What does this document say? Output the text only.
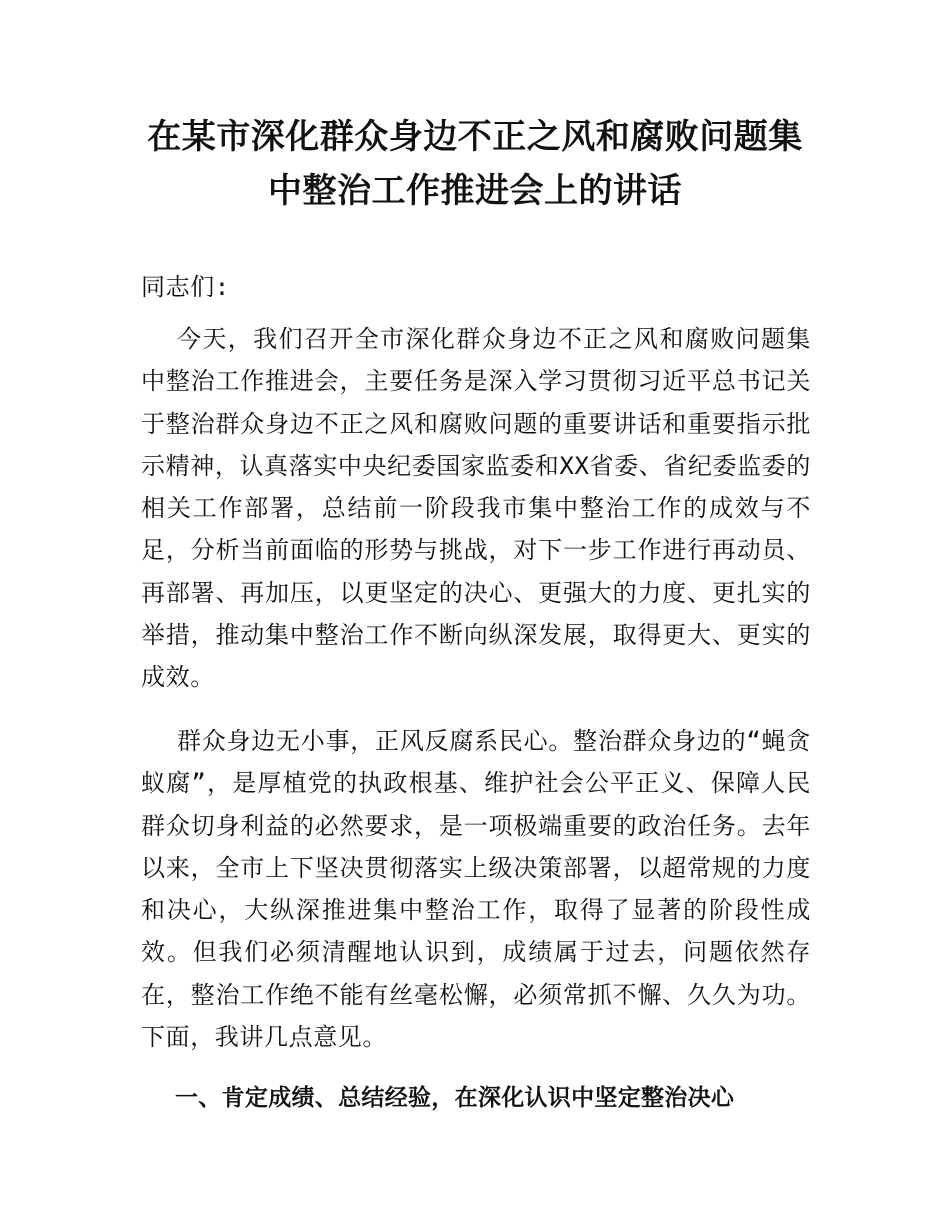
在某市深化群众身边不正之风和腐败问题集
中整治工作推进会上的讲话

同志们:

今天，我们召开全市深化群众身边不正之风和腐败问题集中整治工作推进会，主要任务是深入学习贯彻习近平总书记关于整治群众身边不正之风和腐败问题的重要讲话和重要指示批示精神，认真落实中央纪委国家监委和XX省委、省纪委监委的相关工作部署，总结前一阶段我市集中整治工作的成效与不足，分析当前面临的形势与挑战，对下一步工作进行再动员、再部署、再加压，以更坚定的决心、更强大的力度、更扎实的举措，推动集中整治工作不断向纵深发展，取得更大、更实的成效。

群众身边无小事，正风反腐系民心。整治群众身边的“蝇贪蚁腐”，是厚植党的执政根基、维护社会公平正义、保障人民群众切身利益的必然要求，是一项极端重要的政治任务。去年以来，全市上下坚决贯彻落实上级决策部署，以超常规的力度和决心，大纵深推进集中整治工作，取得了显著的阶段性成效。但我们必须清醒地认识到，成绩属于过去，问题依然存在，整治工作绝不能有丝毫松懈，必须常抓不懈、久久为功。下面，我讲几点意见。

一、肯定成绩、总结经验，在深化认识中坚定整治决心
